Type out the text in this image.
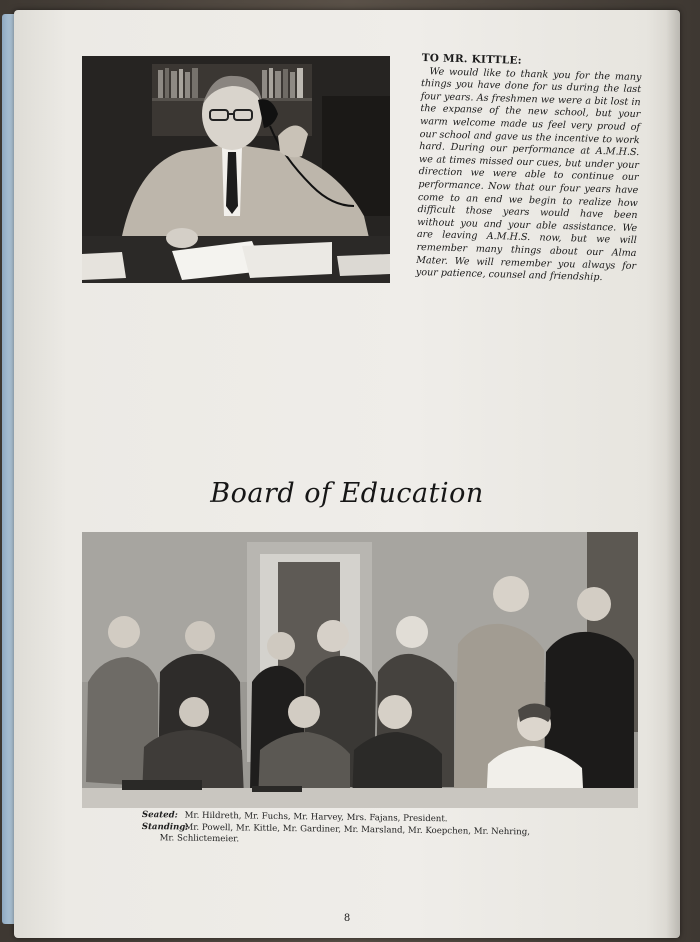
TO MR. KITTLE:
We would like to thank you for the many things you have done for us during the last four years. As freshmen we were a bit lost in the expanse of the new school, but your warm welcome made us feel very proud of our school and gave us the incentive to work hard. During our performance at A.M.H.S. we at times missed our cues, but under your direction we were able to continue our performance. Now that our four years have come to an end we begin to realize how difficult those years would have been without you and your able assistance. We are leaving A.M.H.S. now, but we will remember many things about our Alma Mater. We will remember you always for your patience, counsel and friendship.
Board of Education
Seated: Mr. Hildreth, Mr. Fuchs, Mr. Harvey, Mrs. Fajans, President.
Standing: Mr. Powell, Mr. Kittle, Mr. Gardiner, Mr. Marsland, Mr. Koepchen, Mr. Nehring,
Mr. Schlictemeier.
8
